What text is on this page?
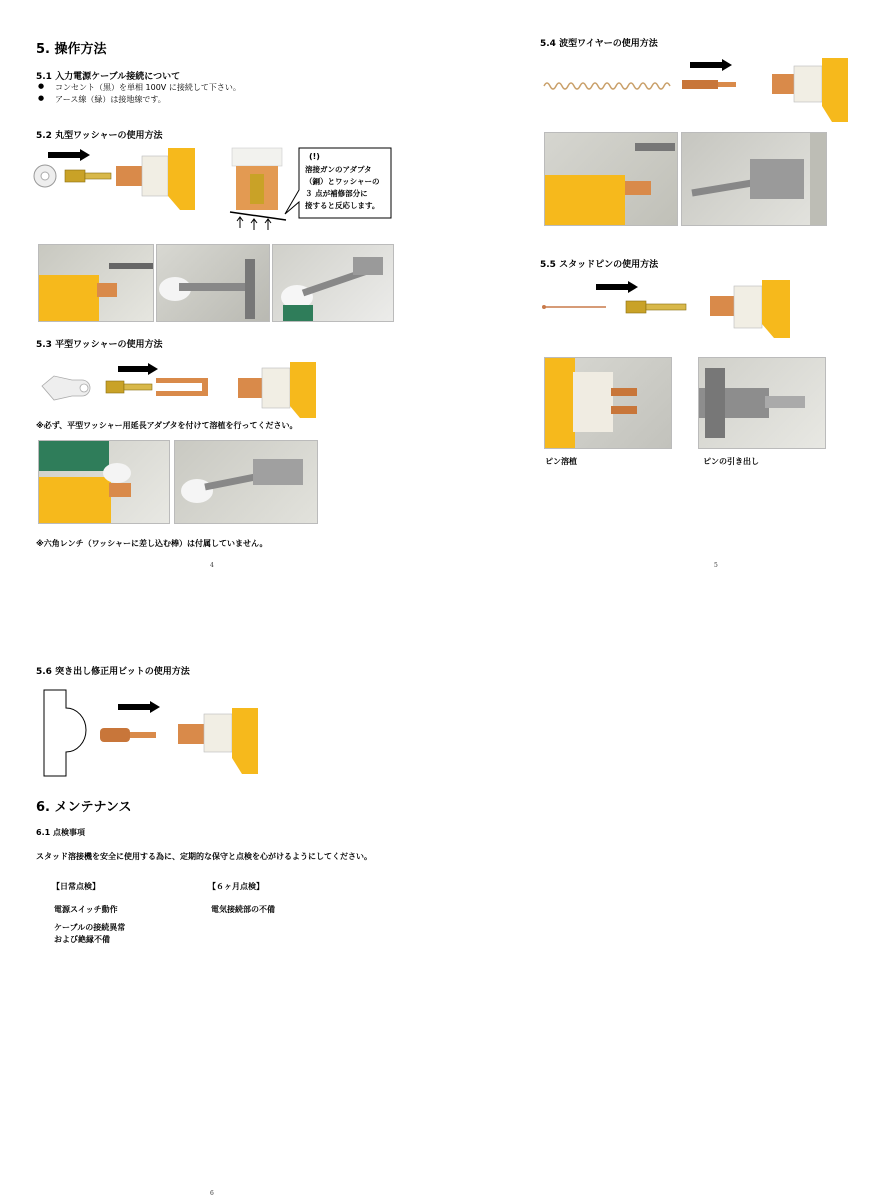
5. 操作方法
5.1 入力電源ケーブル接続について
● コンセント（黒）を単相 100V に接続して下さい。
● アース線（緑）は接地線です。
5.2 丸型ワッシャーの使用方法
(!)
溶接ガンのアダプタ
（銅）とワッシャーの
３ 点が補修部分に
接すると反応します。
5.3 平型ワッシャーの使用方法
※必ず、平型ワッシャー用延長アダプタを付けて溶植を行ってください。
※六角レンチ（ワッシャーに差し込む棒）は付属していません。
4
5.4 波型ワイヤーの使用方法
5.5 スタッドピンの使用方法
ピン溶植	ピンの引き出し
5
5.6 突き出し修正用ビットの使用方法
6. メンテナンス
6.1 点検事項
スタッド溶接機を安全に使用する為に、定期的な保守と点検を心がけるようにしてください。
【日常点検】	【６ヶ月点検】
電源スイッチ動作
ケーブルの接続異常
および絶縁不備
電気接続部の不備
6
